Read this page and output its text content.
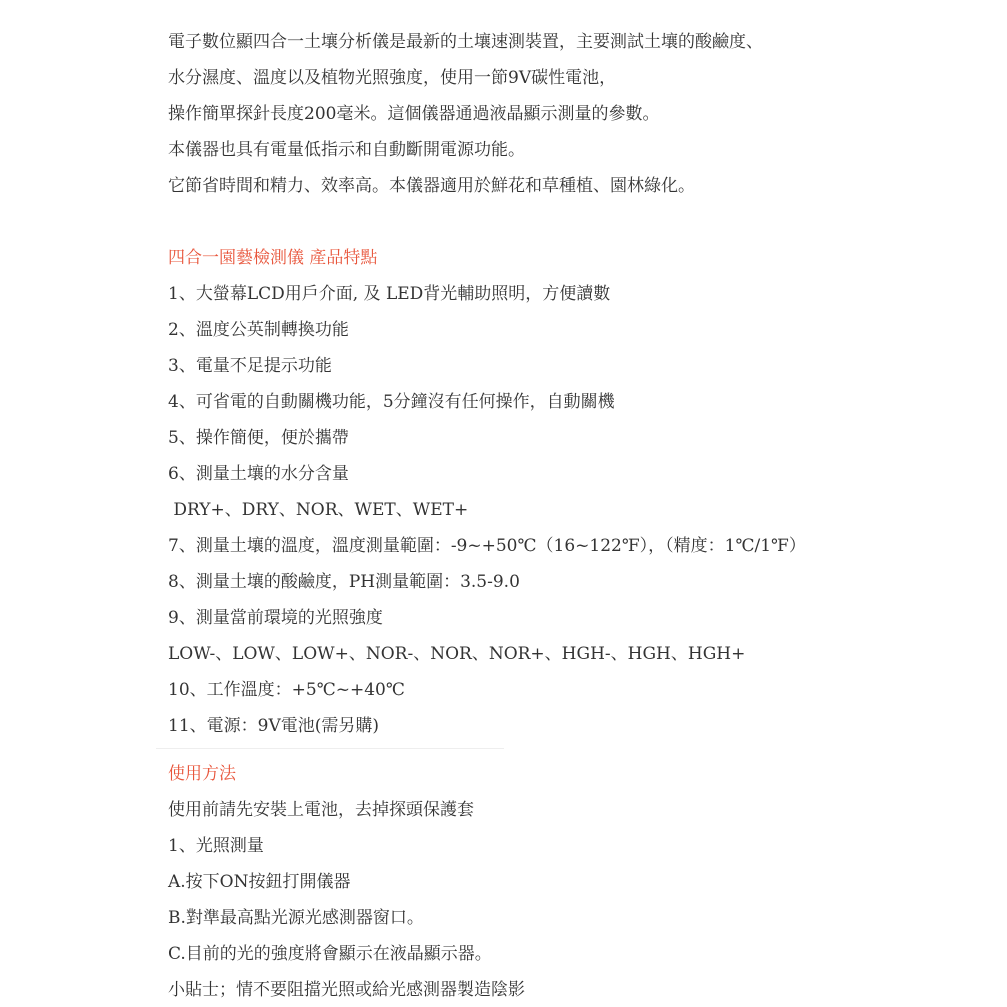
電子數位顯四合一土壤分析儀是最新的土壤速測裝置，主要測試土壤的酸鹼度、
水分濕度、溫度以及植物光照強度，使用一節9V碳性電池，
操作簡單探針長度200毫米。這個儀器通過液晶顯示測量的參數。
本儀器也具有電量低指示和自動斷開電源功能。
它節省時間和精力、效率高。本儀器適用於鮮花和草種植、園林綠化。
四合一園藝檢測儀 產品特點
1、大螢幕LCD用戶介面, 及 LED背光輔助照明，方便讀數
2、溫度公英制轉換功能
3、電量不足提示功能
4、可省電的自動關機功能，5分鐘沒有任何操作，自動關機
5、操作簡便，便於攜帶
6、測量土壤的水分含量
DRY+、DRY、NOR、WET、WET+
7、測量土壤的溫度，溫度測量範圍：-9~+50℃（16~122℉），（精度：1℃/1℉）
8、測量土壤的酸鹼度，PH測量範圍：3.5-9.0
9、測量當前環境的光照強度
LOW-、LOW、LOW+、NOR-、NOR、NOR+、HGH-、HGH、HGH+
10、工作溫度：+5℃~+40℃
11、電源：9V電池(需另購)
使用方法
使用前請先安裝上電池，去掉探頭保護套
1、光照測量
A.按下ON按鈕打開儀器
B.對準最高點光源光感測器窗口。
C.目前的光的強度將會顯示在液晶顯示器。
小貼士；情不要阻擋光照或給光感測器製造陰影
